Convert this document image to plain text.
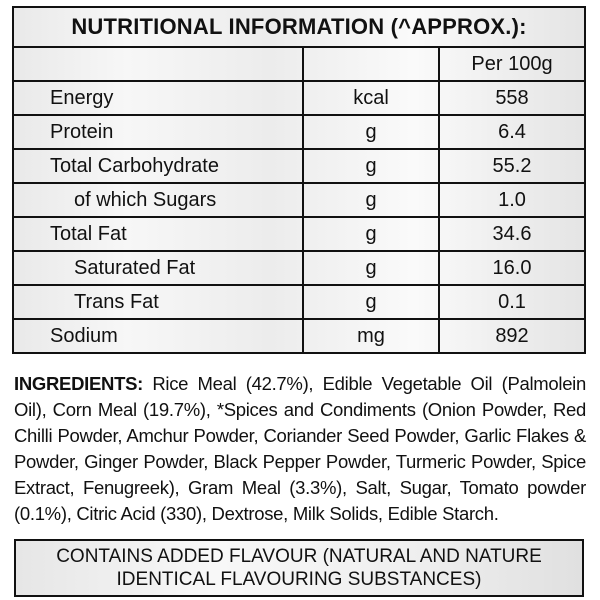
NUTRITIONAL INFORMATION (^APPROX.):
		Per 100g
Energy	kcal	558
Protein	g	6.4
Total Carbohydrate	g	55.2
of which Sugars	g	1.0
Total Fat	g	34.6
Saturated Fat	g	16.0
Trans Fat	g	0.1
Sodium	mg	892
INGREDIENTS: Rice Meal (42.7%), Edible Vegetable Oil (Palmolein Oil), Corn Meal (19.7%), *Spices and Condiments (Onion Powder, Red Chilli Powder, Amchur Powder, Coriander Seed Powder, Garlic Flakes & Powder, Ginger Powder, Black Pepper Powder, Turmeric Powder, Spice Extract, Fenugreek), Gram Meal (3.3%), Salt, Sugar, Tomato powder (0.1%), Citric Acid (330), Dextrose, Milk Solids, Edible Starch.
CONTAINS ADDED FLAVOUR (NATURAL AND NATURE IDENTICAL FLAVOURING SUBSTANCES)
